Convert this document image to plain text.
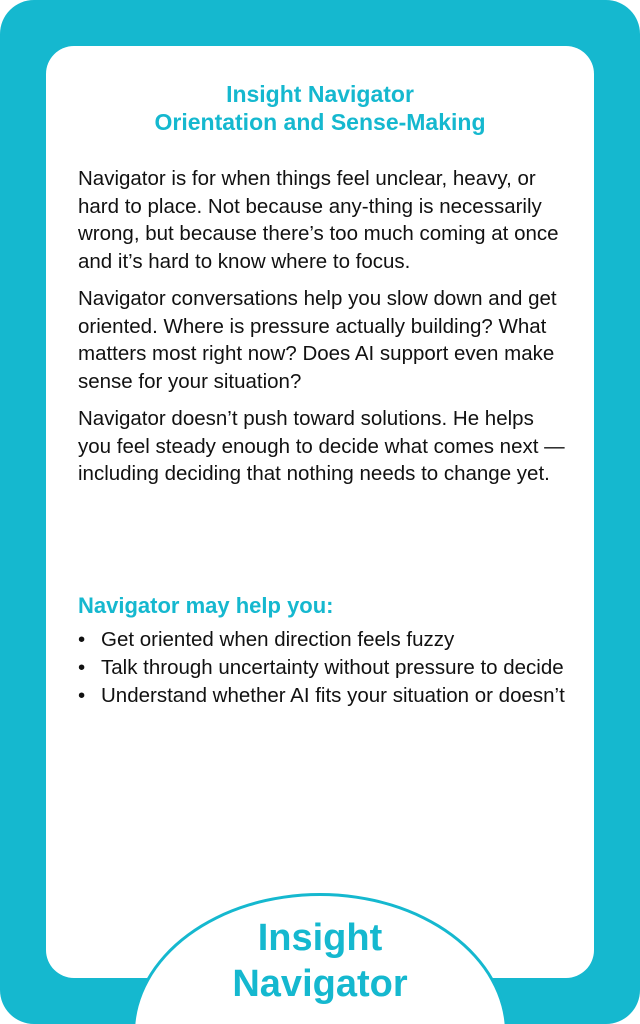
Insight Navigator
Orientation and Sense-Making

Navigator is for when things feel unclear, heavy, or hard to place. Not because any-thing is necessarily wrong, but because there’s too much coming at once and it’s hard to know where to focus.

Navigator conversations help you slow down and get oriented. Where is pressure actually building? What matters most right now? Does AI support even make sense for your situation?

Navigator doesn’t push toward solutions. He helps you feel steady enough to decide what comes next — including deciding that nothing needs to change yet.

Navigator may help you:
• Get oriented when direction feels fuzzy
• Talk through uncertainty without pressure to decide
• Understand whether AI fits your situation or doesn’t
Insight
Navigator
